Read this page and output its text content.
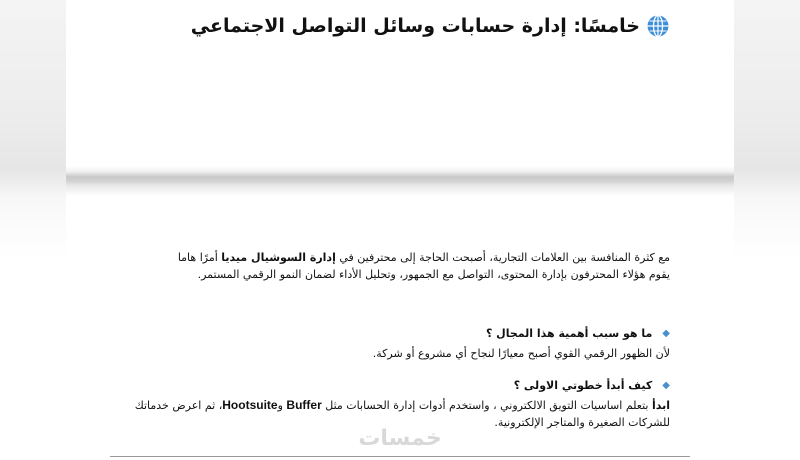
خامسًا: إدارة حسابات وسائل التواصل الاجتماعي
مع كثرة المنافسة بين العلامات التجارية، أصبحت الحاجة إلى محترفين في إدارة السوشيال ميديا أمرًا هاما
يقوم هؤلاء المحترفون بإدارة المحتوى، التواصل مع الجمهور، وتحليل الأداء لضمان النمو الرقمي المستمر.
◆
ما هو سبب أهمية هذا المجال ؟
لأن الظهور الرقمي القوي أصبح معيارًا لنجاح أي مشروع أو شركة.
◆
كيف أبدأ خطوتي الاولى ؟
ابدأ بتعلم اساسيات التويق الالكتروني ، واستخدم أدوات إدارة الحسابات مثل Buffer وHootsuite، ثم اعرض خدماتك
للشركات الصغيرة والمتاجر الإلكترونية.
خمسات
